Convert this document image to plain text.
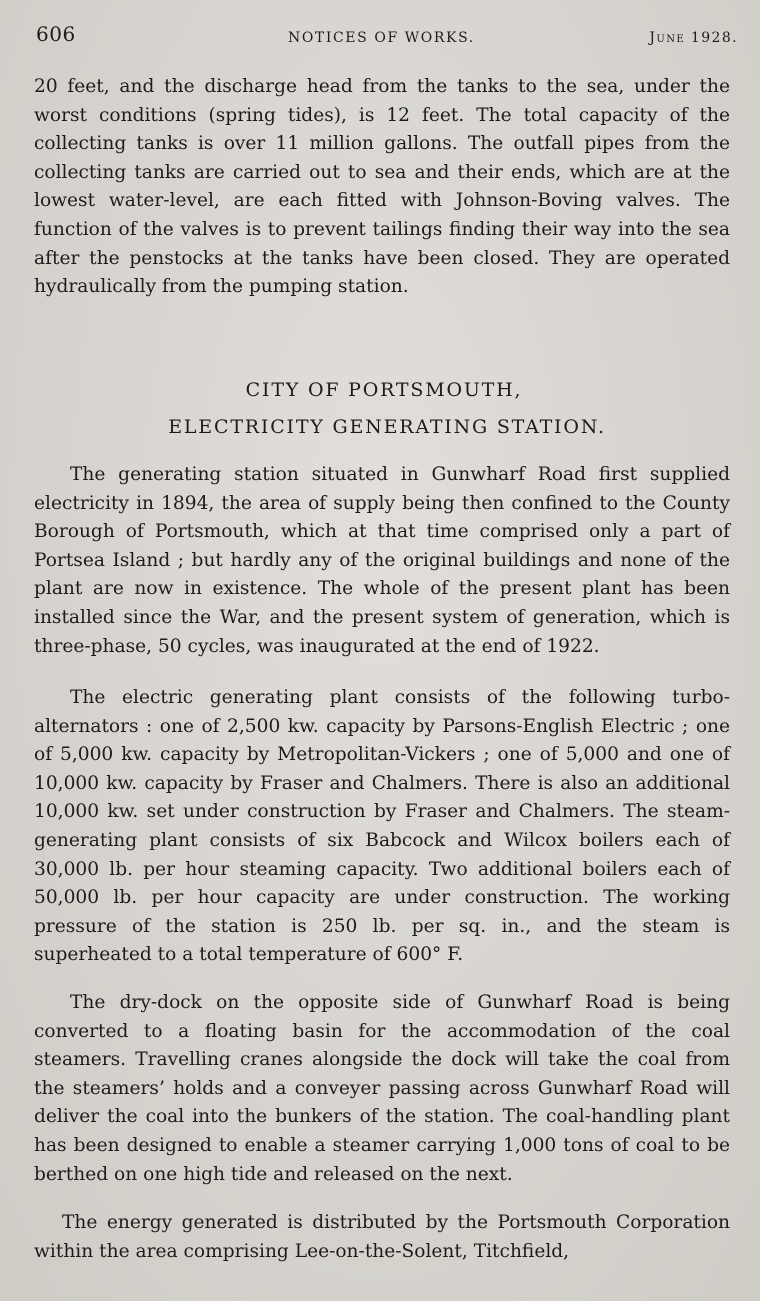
606	NOTICES OF WORKS.	June 1928.

20 feet, and the discharge head from the tanks to the sea, under the worst conditions (spring tides), is 12 feet. The total capacity of the collecting tanks is over 11 million gallons. The outfall pipes from the collecting tanks are carried out to sea and their ends, which are at the lowest water-level, are each fitted with Johnson-Boving valves. The function of the valves is to prevent tailings finding their way into the sea after the penstocks at the tanks have been closed. They are operated hydraulically from the pumping station.

CITY OF PORTSMOUTH,
ELECTRICITY GENERATING STATION.

The generating station situated in Gunwharf Road first supplied electricity in 1894, the area of supply being then confined to the County Borough of Portsmouth, which at that time comprised only a part of Portsea Island ; but hardly any of the original buildings and none of the plant are now in existence. The whole of the present plant has been installed since the War, and the present system of generation, which is three-phase, 50 cycles, was inaugurated at the end of 1922.

The electric generating plant consists of the following turbo-alternators : one of 2,500 kw. capacity by Parsons-English Electric ; one of 5,000 kw. capacity by Metropolitan-Vickers ; one of 5,000 and one of 10,000 kw. capacity by Fraser and Chalmers. There is also an additional 10,000 kw. set under construction by Fraser and Chalmers. The steam-generating plant consists of six Babcock and Wilcox boilers each of 30,000 lb. per hour steaming capacity. Two additional boilers each of 50,000 lb. per hour capacity are under construction. The working pressure of the station is 250 lb. per sq. in., and the steam is superheated to a total temperature of 600° F.

The dry-dock on the opposite side of Gunwharf Road is being converted to a floating basin for the accommodation of the coal steamers. Travelling cranes alongside the dock will take the coal from the steamers’ holds and a conveyer passing across Gunwharf Road will deliver the coal into the bunkers of the station. The coal-handling plant has been designed to enable a steamer carrying 1,000 tons of coal to be berthed on one high tide and released on the next.

The energy generated is distributed by the Portsmouth Corporation within the area comprising Lee-on-the-Solent, Titchfield,
